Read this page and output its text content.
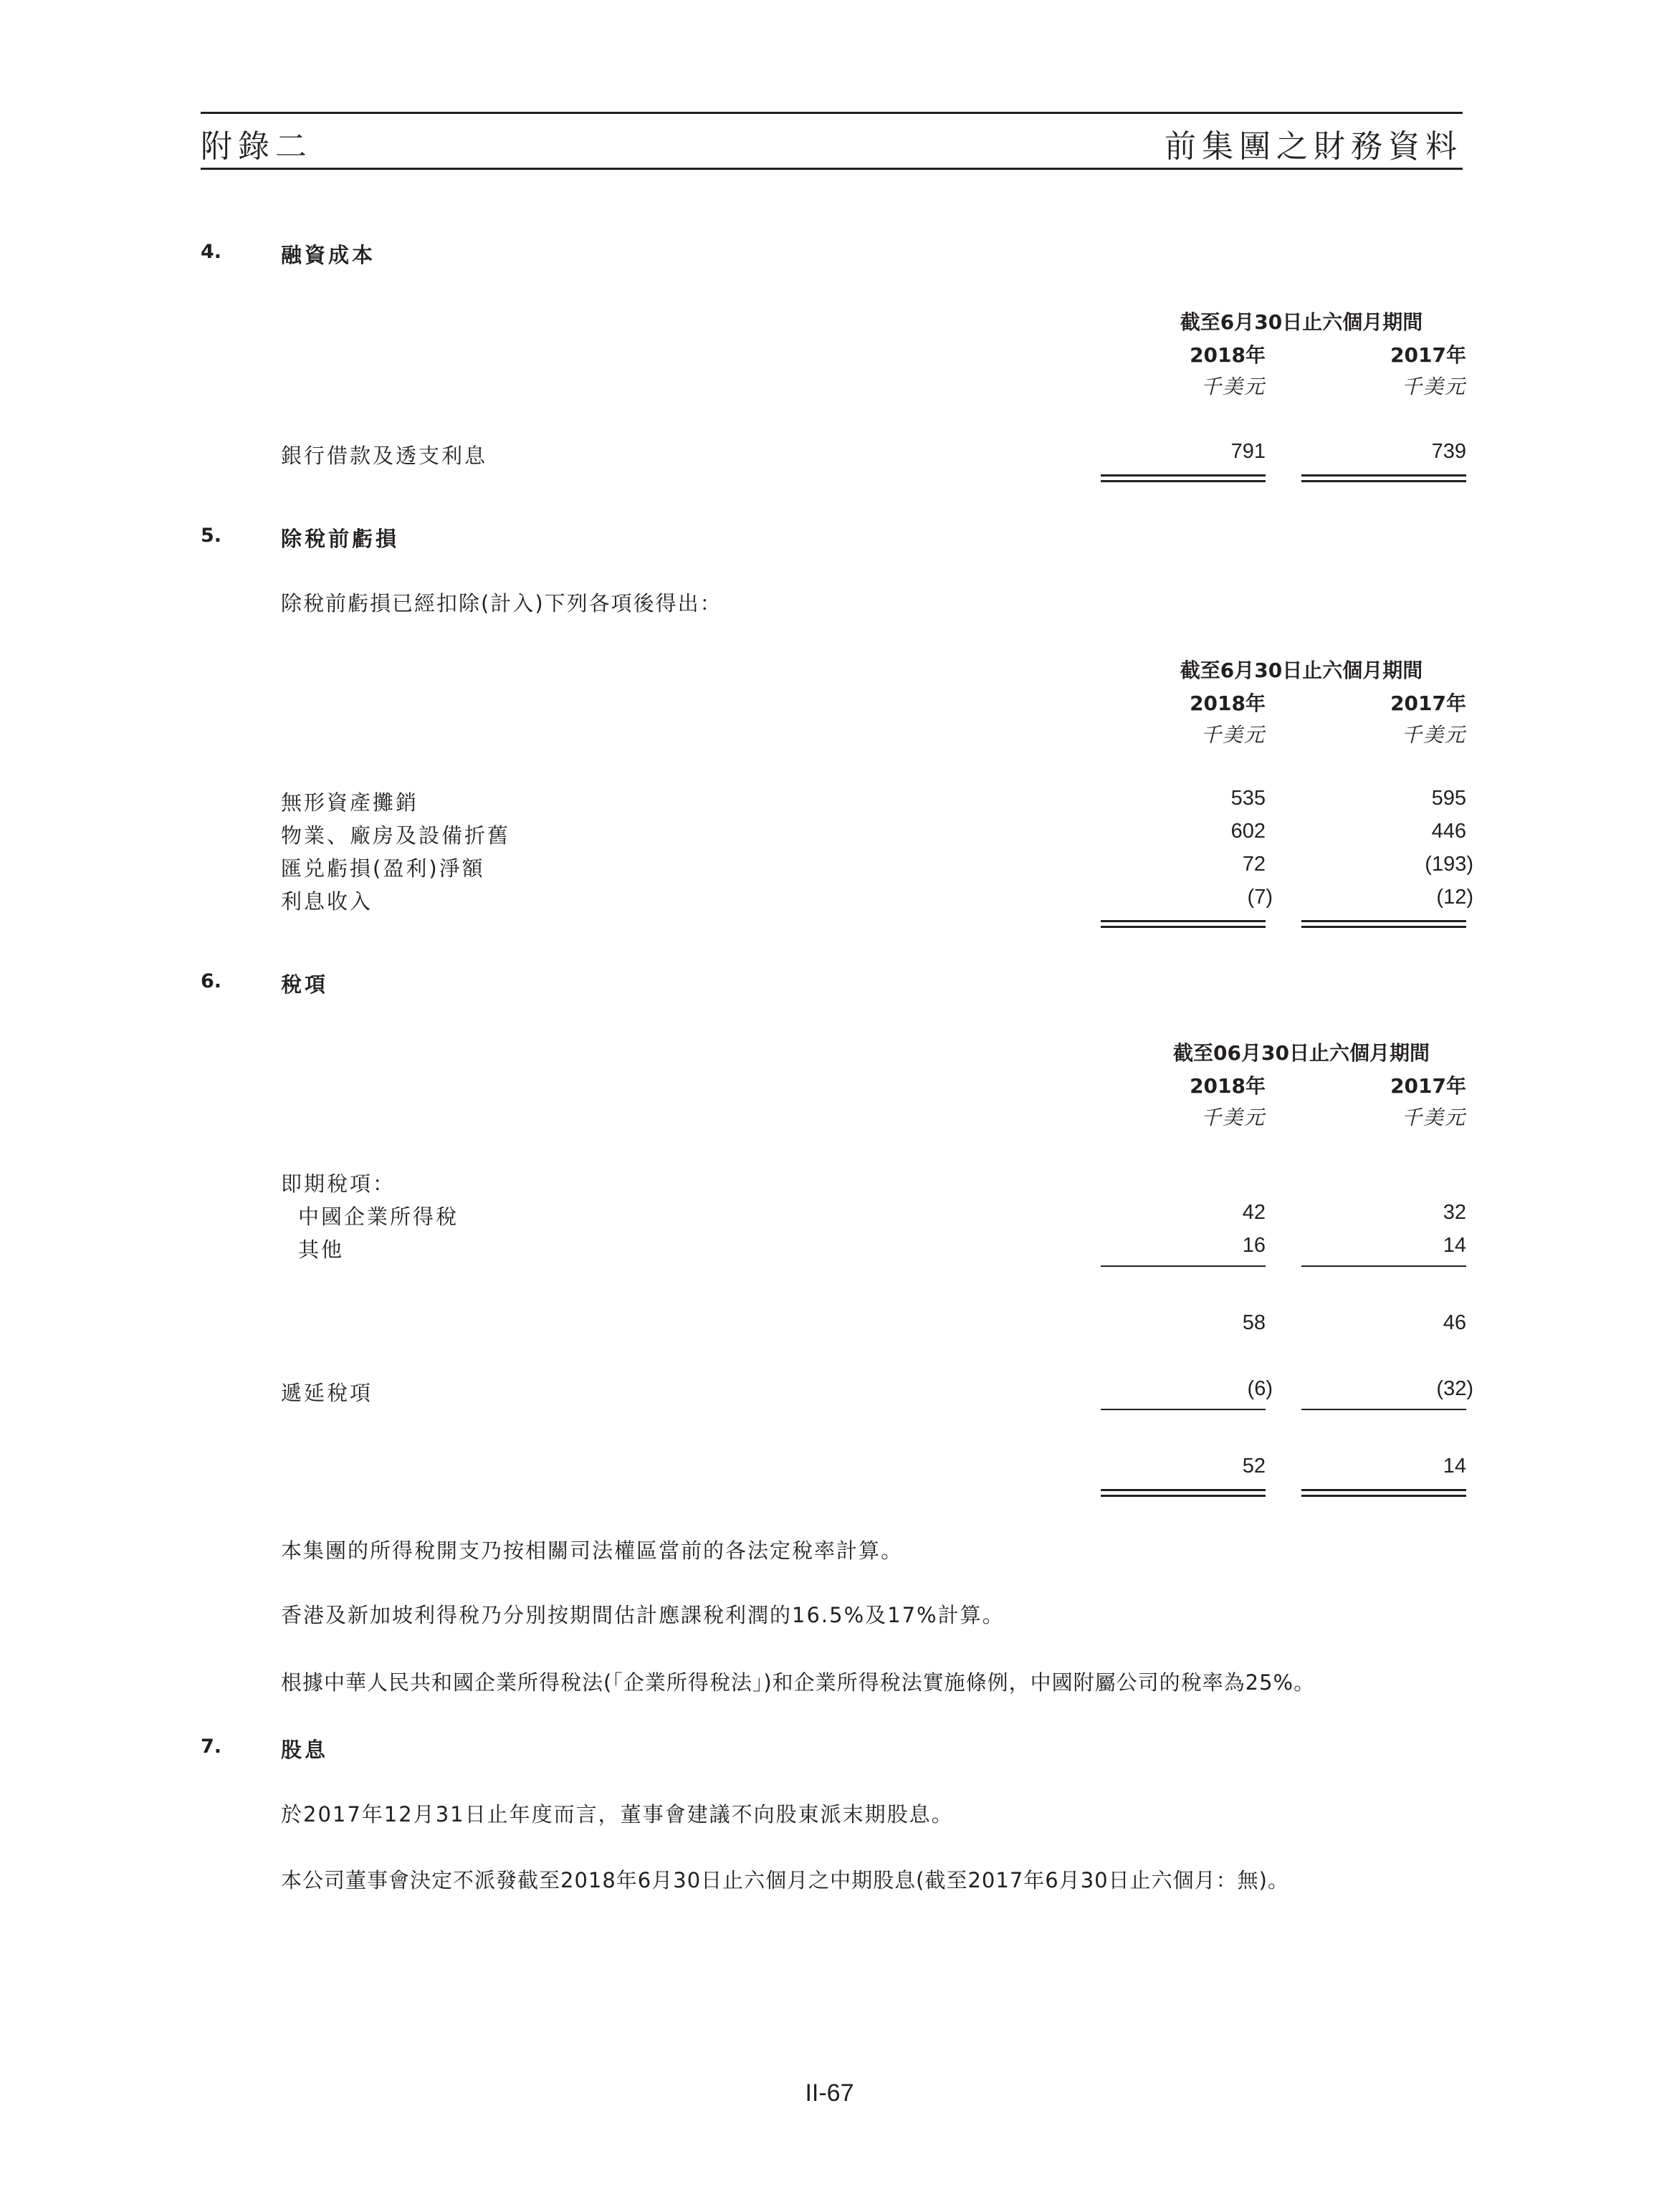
附錄二	前集團之財務資料
4.	融資成本
截至6月30日止六個月期間
2018年	2017年
千美元	千美元
銀行借款及透支利息	791	739
5.	除稅前虧損
除稅前虧損已經扣除(計入)下列各項後得出：
截至6月30日止六個月期間
2018年	2017年
千美元	千美元
無形資產攤銷	535	595
物業、廠房及設備折舊	602	446
匯兑虧損(盈利)淨額	72	(193)
利息收入	(7)	(12)
6.	稅項
截至06月30日止六個月期間
2018年	2017年
千美元	千美元
即期稅項：
中國企業所得稅	42	32
其他	16	14
58	46
遞延稅項	(6)	(32)
52	14
本集團的所得稅開支乃按相關司法權區當前的各法定稅率計算。
香港及新加坡利得稅乃分別按期間估計應課稅利潤的16.5%及17%計算。
根據中華人民共和國企業所得稅法(「企業所得稅法」)和企業所得稅法實施條例，中國附屬公司的稅率為25%。
7.	股息
於2017年12月31日止年度而言，董事會建議不向股東派末期股息。
本公司董事會決定不派發截至2018年6月30日止六個月之中期股息(截至2017年6月30日止六個月：無)。
II-67
